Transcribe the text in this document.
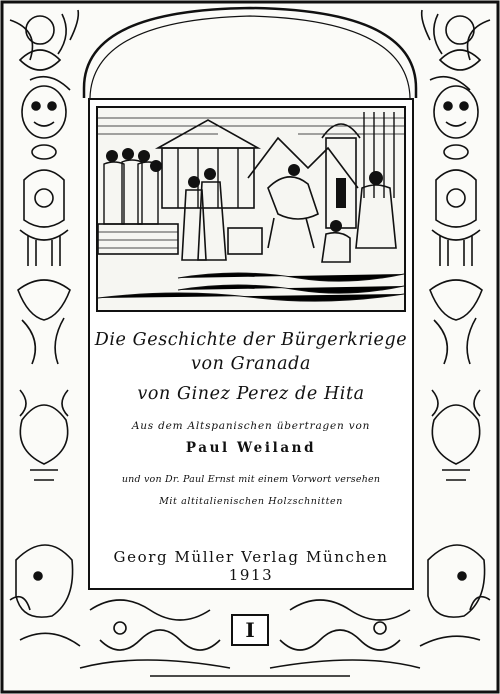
Die Geschichte der Bürgerkriege
von Granada
von Ginez Perez de Hita
Aus dem Altspanischen übertragen von
Paul Weiland
und von Dr. Paul Ernst mit einem Vorwort versehen
Mit altitalienischen Holzschnitten
Georg Müller Verlag München 1913
I
